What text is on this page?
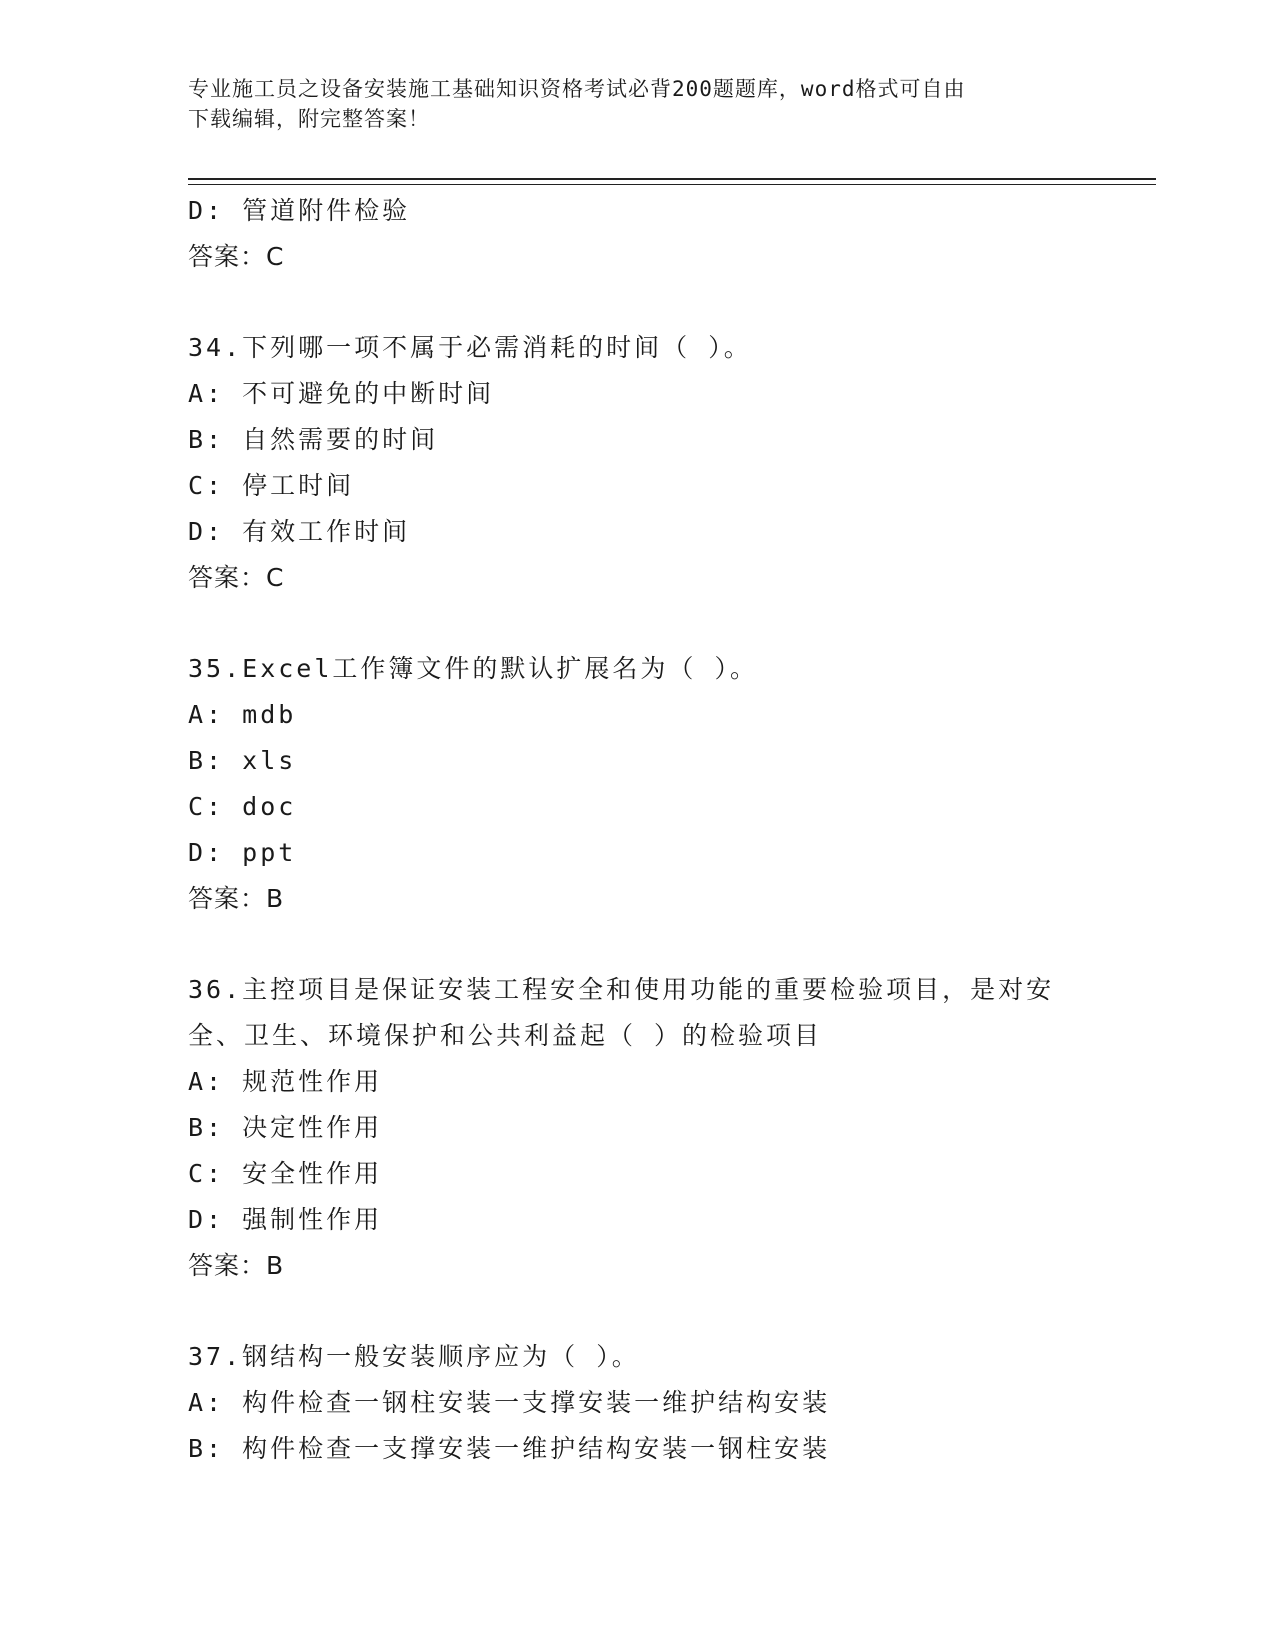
专业施工员之设备安装施工基础知识资格考试必背200题题库，word格式可自由
下载编辑，附完整答案！
D: 管道附件检验
答案：C
34.下列哪一项不属于必需消耗的时间（ ）。
A: 不可避免的中断时间
B: 自然需要的时间
C: 停工时间
D: 有效工作时间
答案：C
35.Excel工作簿文件的默认扩展名为（ ）。
A: mdb
B: xls
C: doc
D: ppt
答案：B
36.主控项目是保证安装工程安全和使用功能的重要检验项目，是对安
全、卫生、环境保护和公共利益起（ ）的检验项目
A: 规范性作用
B: 决定性作用
C: 安全性作用
D: 强制性作用
答案：B
37.钢结构一般安装顺序应为（ ）。
A: 构件检查一钢柱安装一支撑安装一维护结构安装
B: 构件检查一支撑安装一维护结构安装一钢柱安装
